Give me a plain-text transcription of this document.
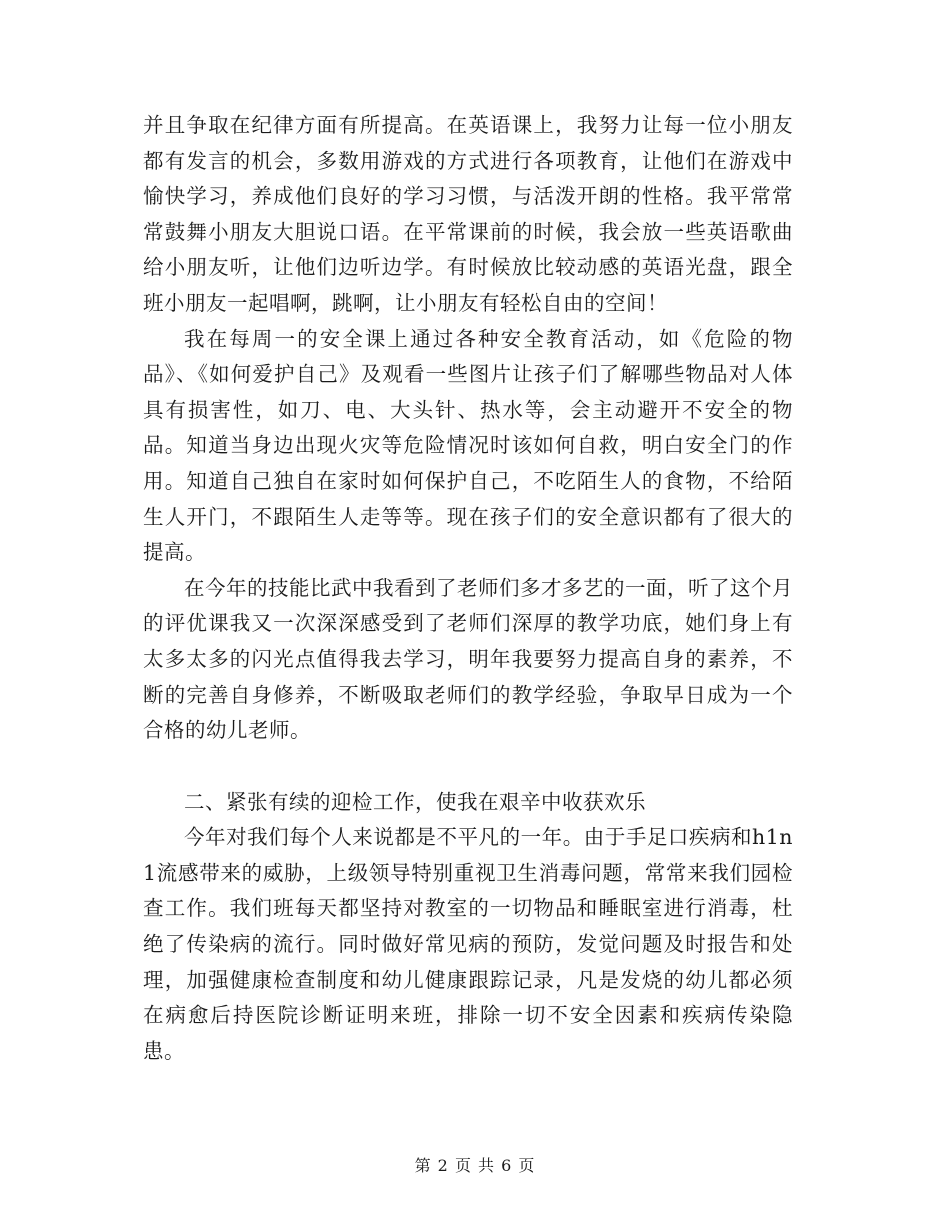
并且争取在纪律方面有所提高。在英语课上，我努力让每一位小朋友都有发言的机会，多数用游戏的方式进行各项教育，让他们在游戏中愉快学习，养成他们良好的学习习惯，与活泼开朗的性格。我平常常常鼓舞小朋友大胆说口语。在平常课前的时候，我会放一些英语歌曲给小朋友听，让他们边听边学。有时候放比较动感的英语光盘，跟全班小朋友一起唱啊，跳啊，让小朋友有轻松自由的空间！

我在每周一的安全课上通过各种安全教育活动，如《危险的物品》、《如何爱护自己》及观看一些图片让孩子们了解哪些物品对人体具有损害性，如刀、电、大头针、热水等，会主动避开不安全的物品。知道当身边出现火灾等危险情况时该如何自救，明白安全门的作用。知道自己独自在家时如何保护自己，不吃陌生人的食物，不给陌生人开门，不跟陌生人走等等。现在孩子们的安全意识都有了很大的提高。

在今年的技能比武中我看到了老师们多才多艺的一面，听了这个月的评优课我又一次深深感受到了老师们深厚的教学功底，她们身上有太多太多的闪光点值得我去学习，明年我要努力提高自身的素养，不断的完善自身修养，不断吸取老师们的教学经验，争取早日成为一个合格的幼儿老师。

二、紧张有续的迎检工作，使我在艰辛中收获欢乐

今年对我们每个人来说都是不平凡的一年。由于手足口疾病和h1n1流感带来的威胁，上级领导特别重视卫生消毒问题，常常来我们园检查工作。我们班每天都坚持对教室的一切物品和睡眠室进行消毒，杜绝了传染病的流行。同时做好常见病的预防，发觉问题及时报告和处理，加强健康检查制度和幼儿健康跟踪记录，凡是发烧的幼儿都必须在病愈后持医院诊断证明来班，排除一切不安全因素和疾病传染隐患。

第 2 页 共 6 页
